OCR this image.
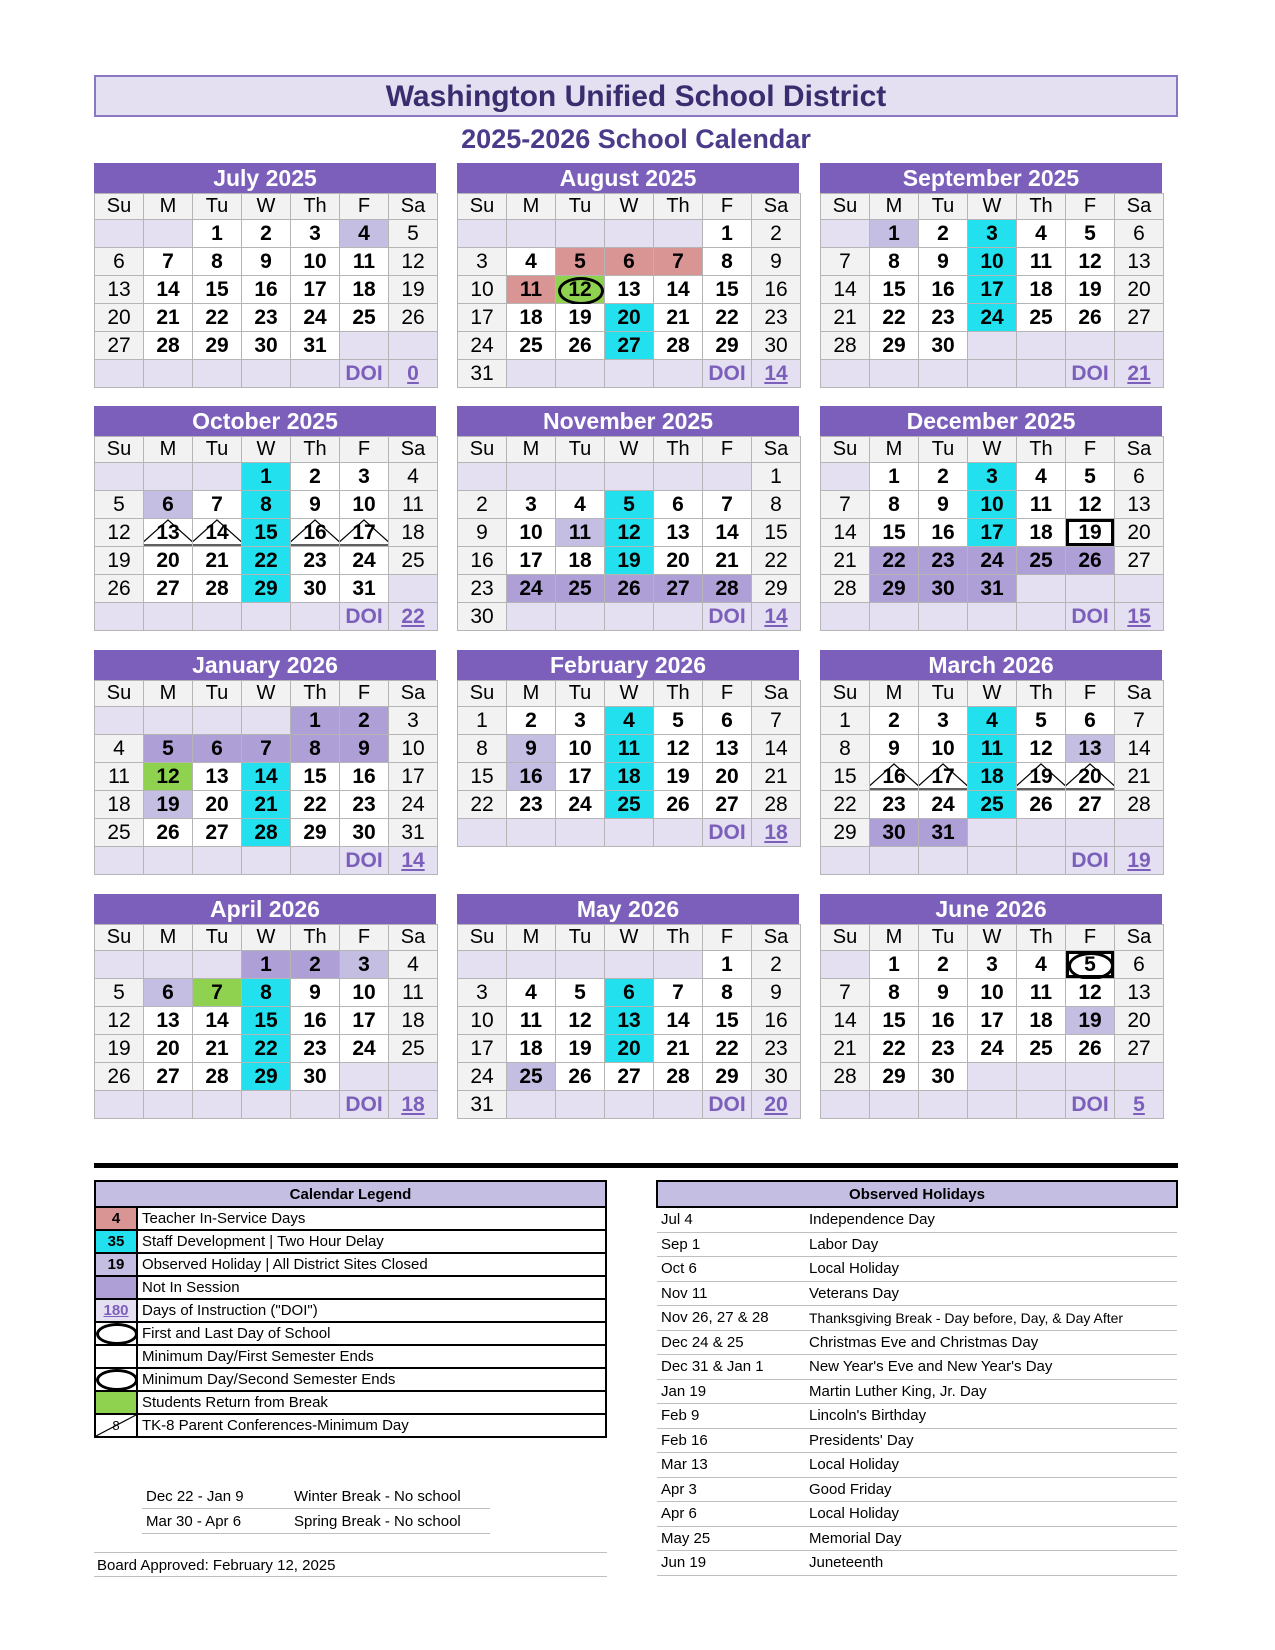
Washington Unified School District
2025-2026 School Calendar
July 2025
Su	M	Tu	W	Th	F	Sa
		1	2	3	4	5
6	7	8	9	10	11	12
13	14	15	16	17	18	19
20	21	22	23	24	25	26
27	28	29	30	31		
					DOI	0
August 2025
Su	M	Tu	W	Th	F	Sa
					1	2
3	4	5	6	7	8	9
10	11	12	13	14	15	16
17	18	19	20	21	22	23
24	25	26	27	28	29	30
31					DOI	14
September 2025
Su	M	Tu	W	Th	F	Sa
	1	2	3	4	5	6
7	8	9	10	11	12	13
14	15	16	17	18	19	20
21	22	23	24	25	26	27
28	29	30				
					DOI	21
October 2025
Su	M	Tu	W	Th	F	Sa
			1	2	3	4
5	6	7	8	9	10	11
12	13	14	15	16	17	18
19	20	21	22	23	24	25
26	27	28	29	30	31	
					DOI	22
November 2025
Su	M	Tu	W	Th	F	Sa
						1
2	3	4	5	6	7	8
9	10	11	12	13	14	15
16	17	18	19	20	21	22
23	24	25	26	27	28	29
30					DOI	14
December 2025
Su	M	Tu	W	Th	F	Sa
	1	2	3	4	5	6
7	8	9	10	11	12	13
14	15	16	17	18	19	20
21	22	23	24	25	26	27
28	29	30	31			
					DOI	15
January 2026
Su	M	Tu	W	Th	F	Sa
				1	2	3
4	5	6	7	8	9	10
11	12	13	14	15	16	17
18	19	20	21	22	23	24
25	26	27	28	29	30	31
					DOI	14
February 2026
Su	M	Tu	W	Th	F	Sa
1	2	3	4	5	6	7
8	9	10	11	12	13	14
15	16	17	18	19	20	21
22	23	24	25	26	27	28
					DOI	18
March 2026
Su	M	Tu	W	Th	F	Sa
1	2	3	4	5	6	7
8	9	10	11	12	13	14
15	16	17	18	19	20	21
22	23	24	25	26	27	28
29	30	31				
					DOI	19
April 2026
Su	M	Tu	W	Th	F	Sa
			1	2	3	4
5	6	7	8	9	10	11
12	13	14	15	16	17	18
19	20	21	22	23	24	25
26	27	28	29	30		
					DOI	18
May 2026
Su	M	Tu	W	Th	F	Sa
					1	2
3	4	5	6	7	8	9
10	11	12	13	14	15	16
17	18	19	20	21	22	23
24	25	26	27	28	29	30
31					DOI	20
June 2026
Su	M	Tu	W	Th	F	Sa
	1	2	3	4	5	6
7	8	9	10	11	12	13
14	15	16	17	18	19	20
21	22	23	24	25	26	27
28	29	30				
					DOI	5
Calendar Legend	
4	Teacher In-Service Days
35	Staff Development | Two Hour Delay
19	Observed Holiday | All District Sites Closed
	Not In Session
180	Days of Instruction ("DOI")

	First and Last Day of School
	Minimum Day/First Semester Ends

	Minimum Day/Second Semester Ends
	Students Return from Break
8	TK-8 Parent Conferences-Minimum Day
Dec 22 - Jan 9	Winter Break - No school
Mar 30 - Apr 6	Spring Break - No school
Board Approved: February 12, 2025
Observed Holidays	
Jul 4	Independence Day
Sep 1	Labor Day
Oct 6	Local Holiday
Nov 11	Veterans Day
Nov 26, 27 & 28	Thanksgiving Break - Day before, Day, & Day After
Dec 24 & 25	Christmas Eve and Christmas Day
Dec 31 & Jan 1	New Year's Eve and New Year's Day
Jan 19	Martin Luther King, Jr. Day
Feb 9	Lincoln's Birthday
Feb 16	Presidents' Day
Mar 13	Local Holiday
Apr 3	Good Friday
Apr 6	Local Holiday
May 25	Memorial Day
Jun 19	Juneteenth
